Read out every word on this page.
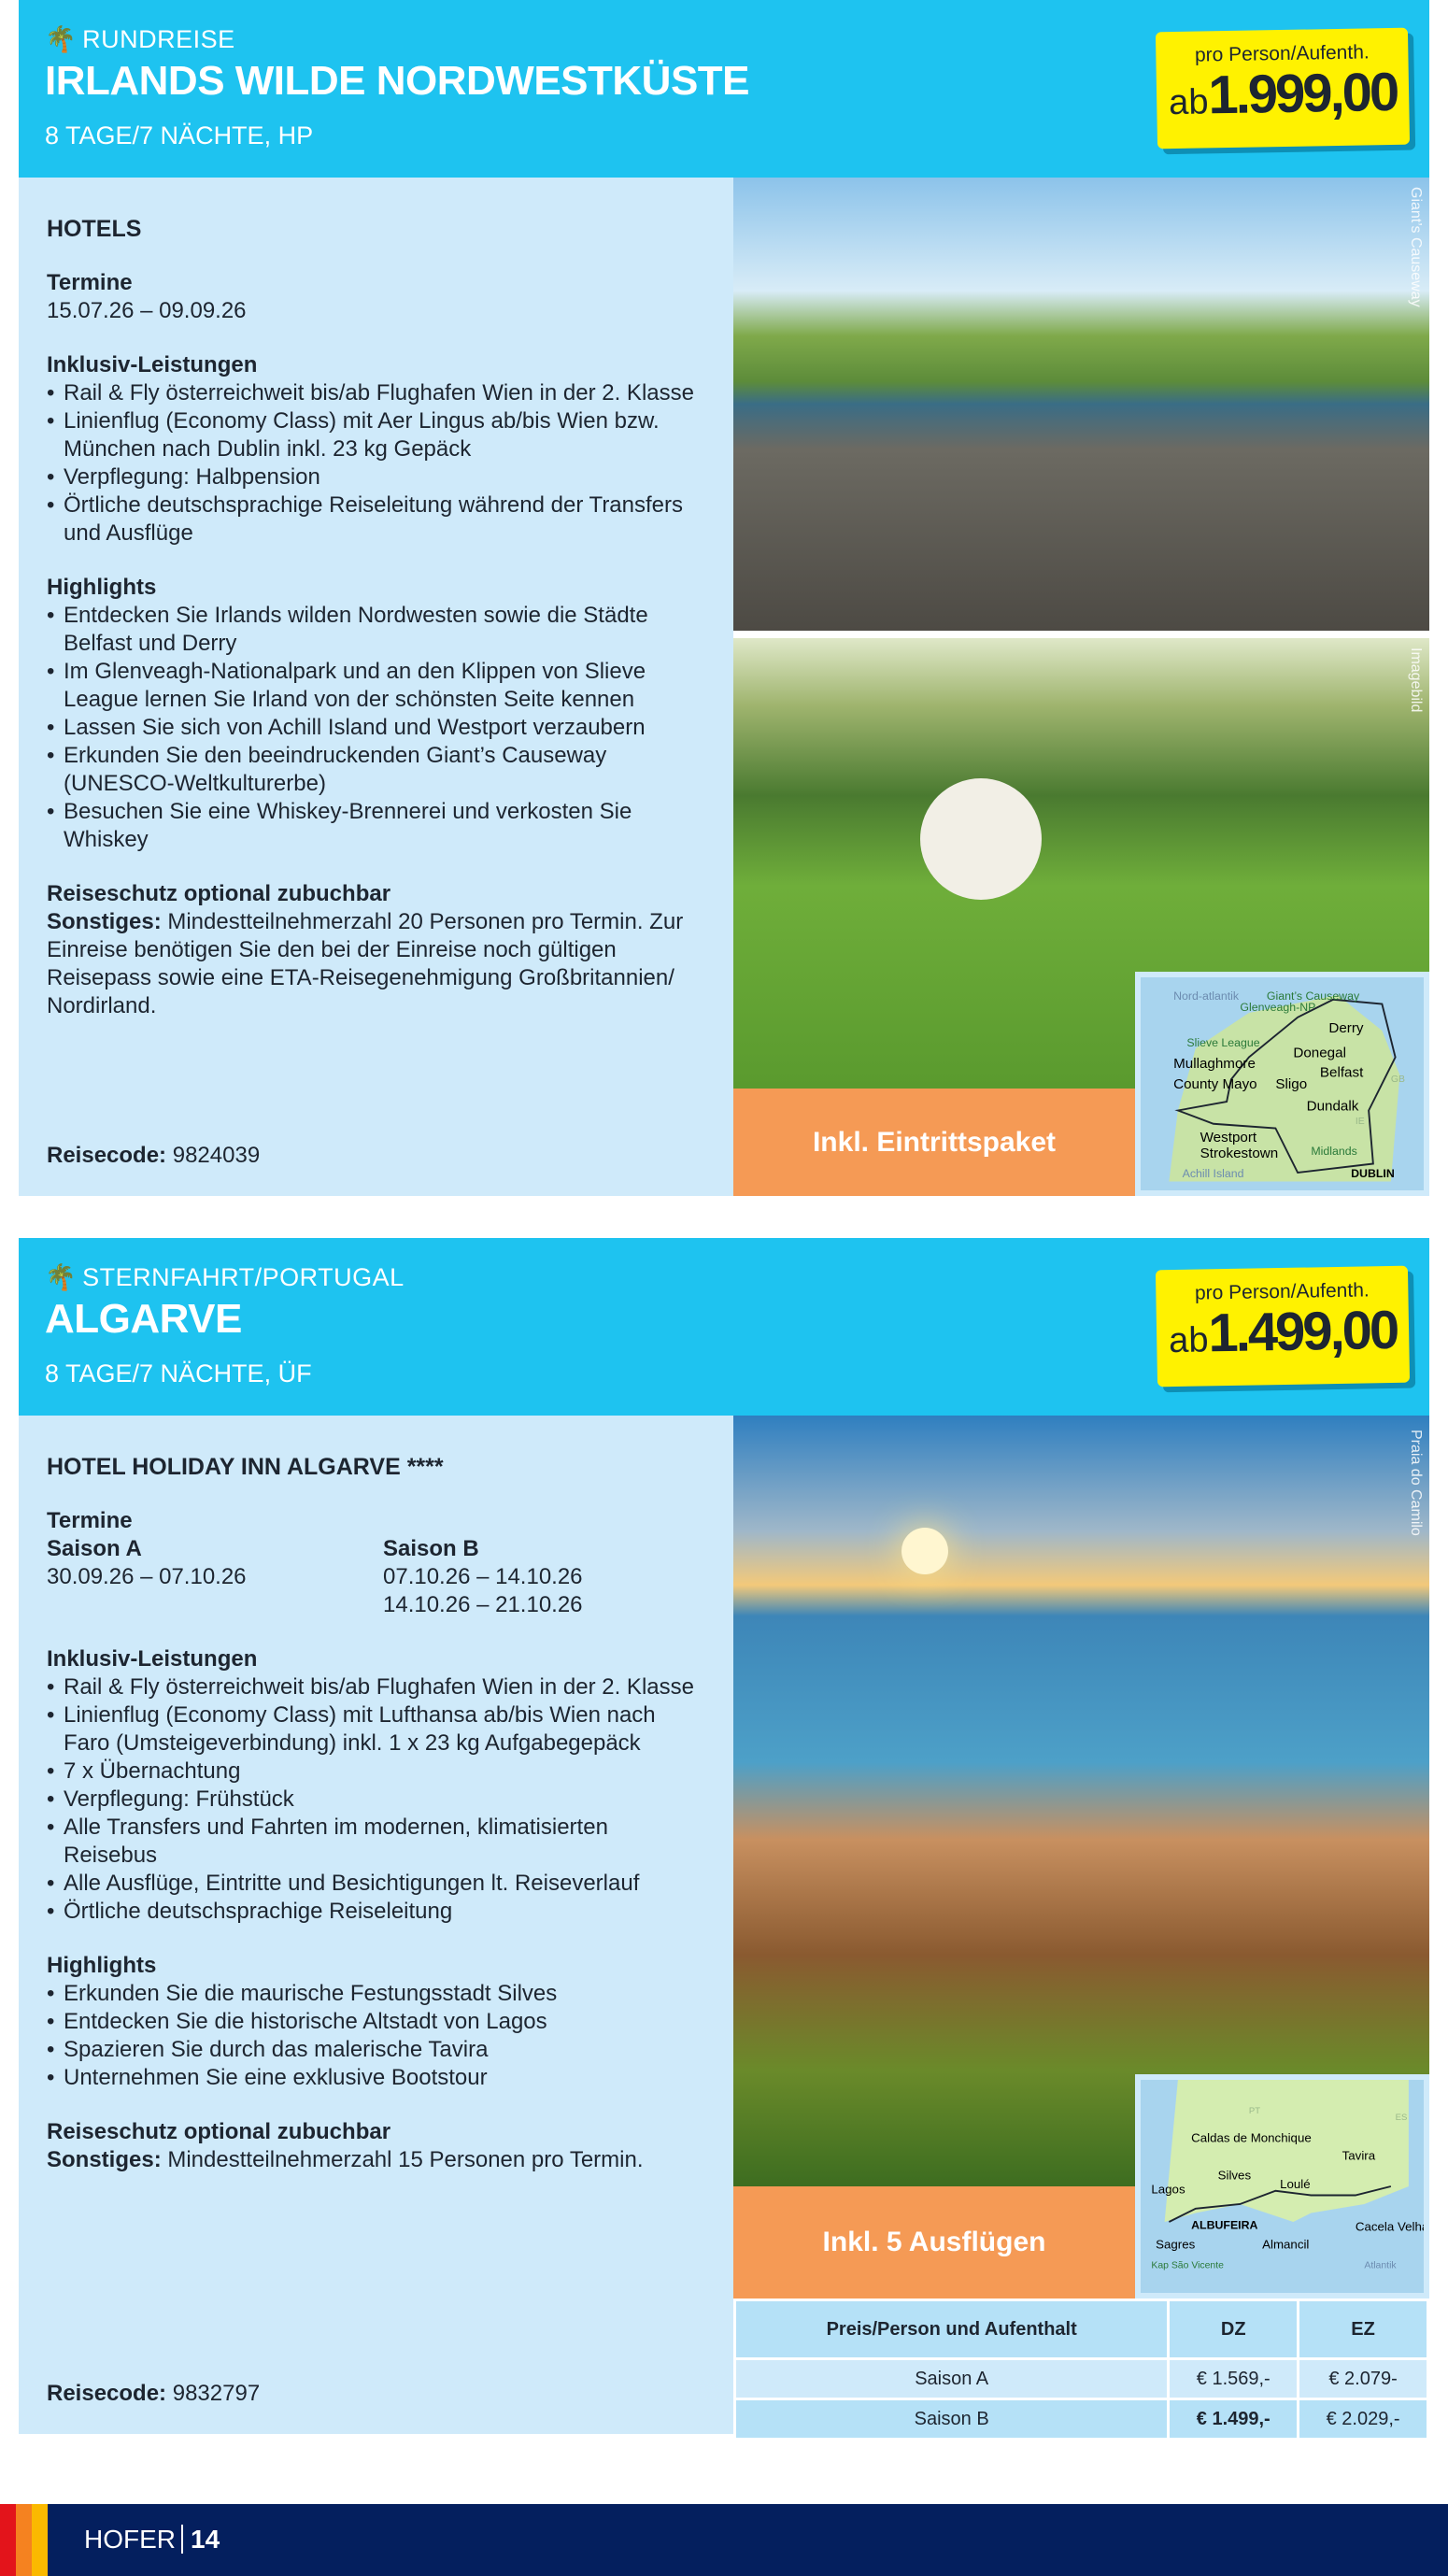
🌴 RUNDREISE
IRLANDS WILDE NORDWESTKÜSTE
8 TAGE/7 NÄCHTE, HP
pro Person/Aufenth.
ab1.999,00
HOTELS
Termine
15.07.26 – 09.09.26
Inklusiv-Leistungen
• Rail & Fly österreichweit bis/ab Flughafen Wien in der 2. Klasse
• Linienflug (Economy Class) mit Aer Lingus ab/bis Wien bzw. München nach Dublin inkl. 23 kg Gepäck
• Verpflegung: Halbpension
• Örtliche deutschsprachige Reiseleitung während der Transfers und Ausflüge
Highlights
• Entdecken Sie Irlands wilden Nordwesten sowie die Städte Belfast und Derry
• Im Glenveagh-Nationalpark und an den Klippen von Slieve League lernen Sie Irland von der schönsten Seite kennen
• Lassen Sie sich von Achill Island und Westport verzaubern
• Erkunden Sie den beeindruckenden Giant’s Causeway (UNESCO-Weltkulturerbe)
• Besuchen Sie eine Whiskey-Brennerei und verkosten Sie Whiskey
Reiseschutz optional zubuchbar
Sonstiges: Mindestteilnehmerzahl 20 Personen pro Termin. Zur Einreise benötigen Sie den bei der Einreise noch gültigen Reisepass sowie eine ETA-Reisegenehmigung Großbritannien/ Nordirland.
Reisecode: 9824039
Giant’s Causeway
Imagebild
Inkl. Eintrittspaket
Nord-atlantik Giant’s Causeway
Glenveagh-NP
Derry
Slieve League
Donegal
Mullaghmore
Belfast
County Mayo Sligo
Dundalk
Westport
Strokestown	Midlands
Achill Island	DUBLIN
GB
IE
🌴 STERNFAHRT/PORTUGAL
ALGARVE
8 TAGE/7 NÄCHTE, ÜF
pro Person/Aufenth.
ab1.499,00
HOTEL HOLIDAY INN ALGARVE ****
Termine
Saison A
30.09.26 – 07.10.26
Saison B
07.10.26 – 14.10.26
14.10.26 – 21.10.26
Inklusiv-Leistungen
• Rail & Fly österreichweit bis/ab Flughafen Wien in der 2. Klasse
• Linienflug (Economy Class) mit Lufthansa ab/bis Wien nach Faro (Umsteigeverbindung) inkl. 1 x 23 kg Aufgabegepäck
• 7 x Übernachtung
• Verpflegung: Frühstück
• Alle Transfers und Fahrten im modernen, klimatisierten Reisebus
• Alle Ausflüge, Eintritte und Besichtigungen lt. Reiseverlauf
• Örtliche deutschsprachige Reiseleitung
Highlights
• Erkunden Sie die maurische Festungsstadt Silves
• Entdecken Sie die historische Altstadt von Lagos
• Spazieren Sie durch das malerische Tavira
• Unternehmen Sie eine exklusive Bootstour
Reiseschutz optional zubuchbar
Sonstiges: Mindestteilnehmerzahl 15 Personen pro Termin.
Reisecode: 9832797
Praia do Camilo
Inkl. 5 Ausflügen
PT
ES
Caldas de Monchique
Tavira
Lagos
Silves
Loulé
ALBUFEIRA	Cacela Velha
Sagres	Almancil
Kap São Vicente	Atlantik
Preis/Person und Aufenthalt	DZ	EZ
Saison A	€ 1.569,-	€ 2.079-
Saison B	€ 1.499,-	€ 2.029,-
HOFER 14
